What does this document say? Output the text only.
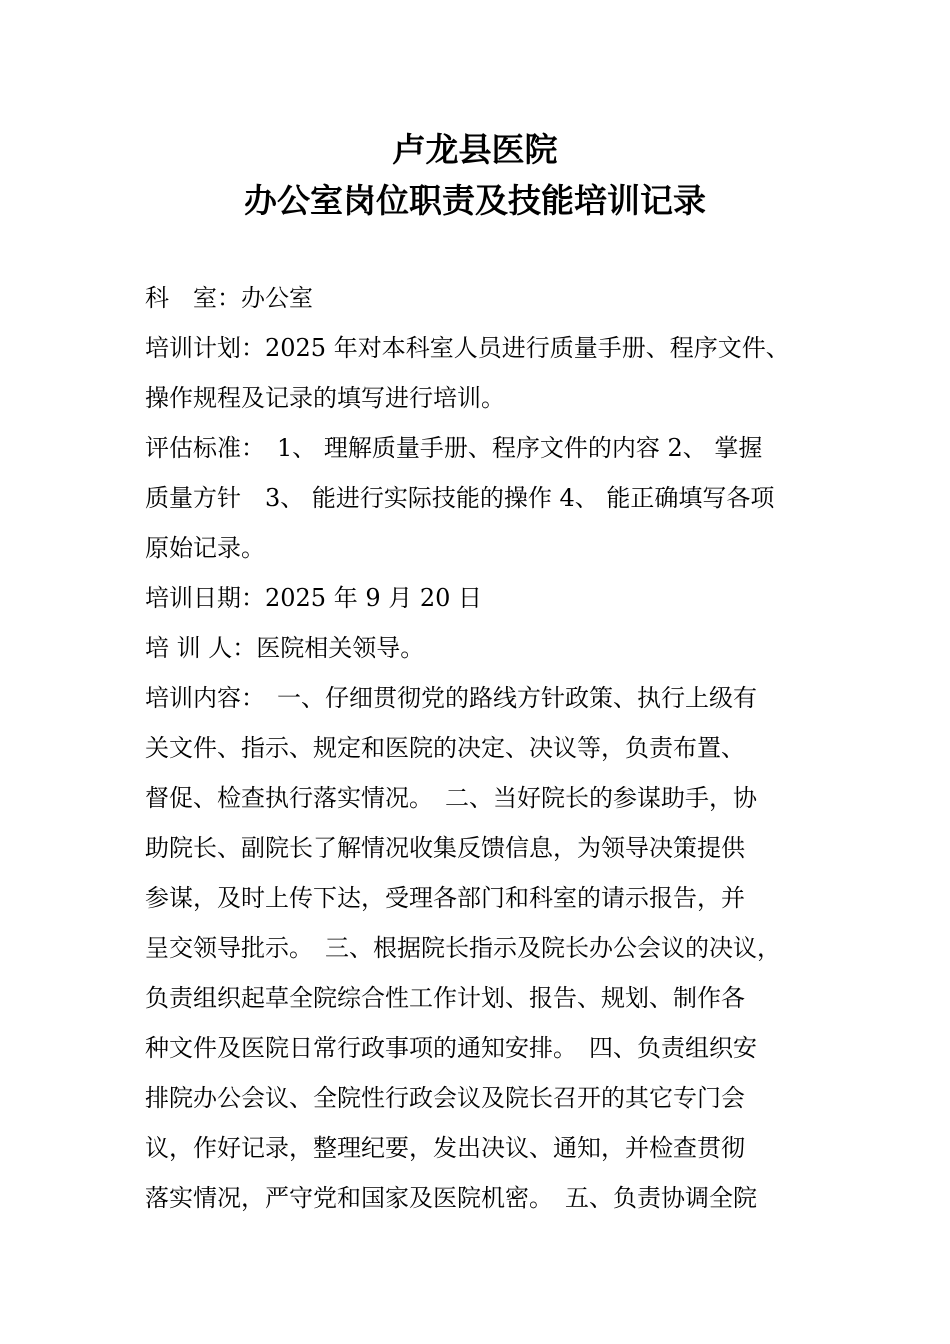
卢龙县医院
办公室岗位职责及技能培训记录
科　室：办公室
培训计划：2025 年对本科室人员进行质量手册、程序文件、
操作规程及记录的填写进行培训。
评估标准：　1、 理解质量手册、程序文件的内容 2、 掌握
质量方针　3、 能进行实际技能的操作 4、 能正确填写各项
原始记录。
培训日期：2025 年 9 月 20 日
培 训 人：医院相关领导。
培训内容：　一、仔细贯彻党的路线方针政策、执行上级有
关文件、指示、规定和医院的决定、决议等，负责布置、
督促、检查执行落实情况。　二、当好院长的参谋助手，协
助院长、副院长了解情况收集反馈信息，为领导决策提供
参谋，及时上传下达，受理各部门和科室的请示报告，并
呈交领导批示。　三、根据院长指示及院长办公会议的决议，
负责组织起草全院综合性工作计划、报告、规划、制作各
种文件及医院日常行政事项的通知安排。　四、负责组织安
排院办公会议、全院性行政会议及院长召开的其它专门会
议，作好记录，整理纪要，发出决议、通知，并检查贯彻
落实情况，严守党和国家及医院机密。　五、负责协调全院
